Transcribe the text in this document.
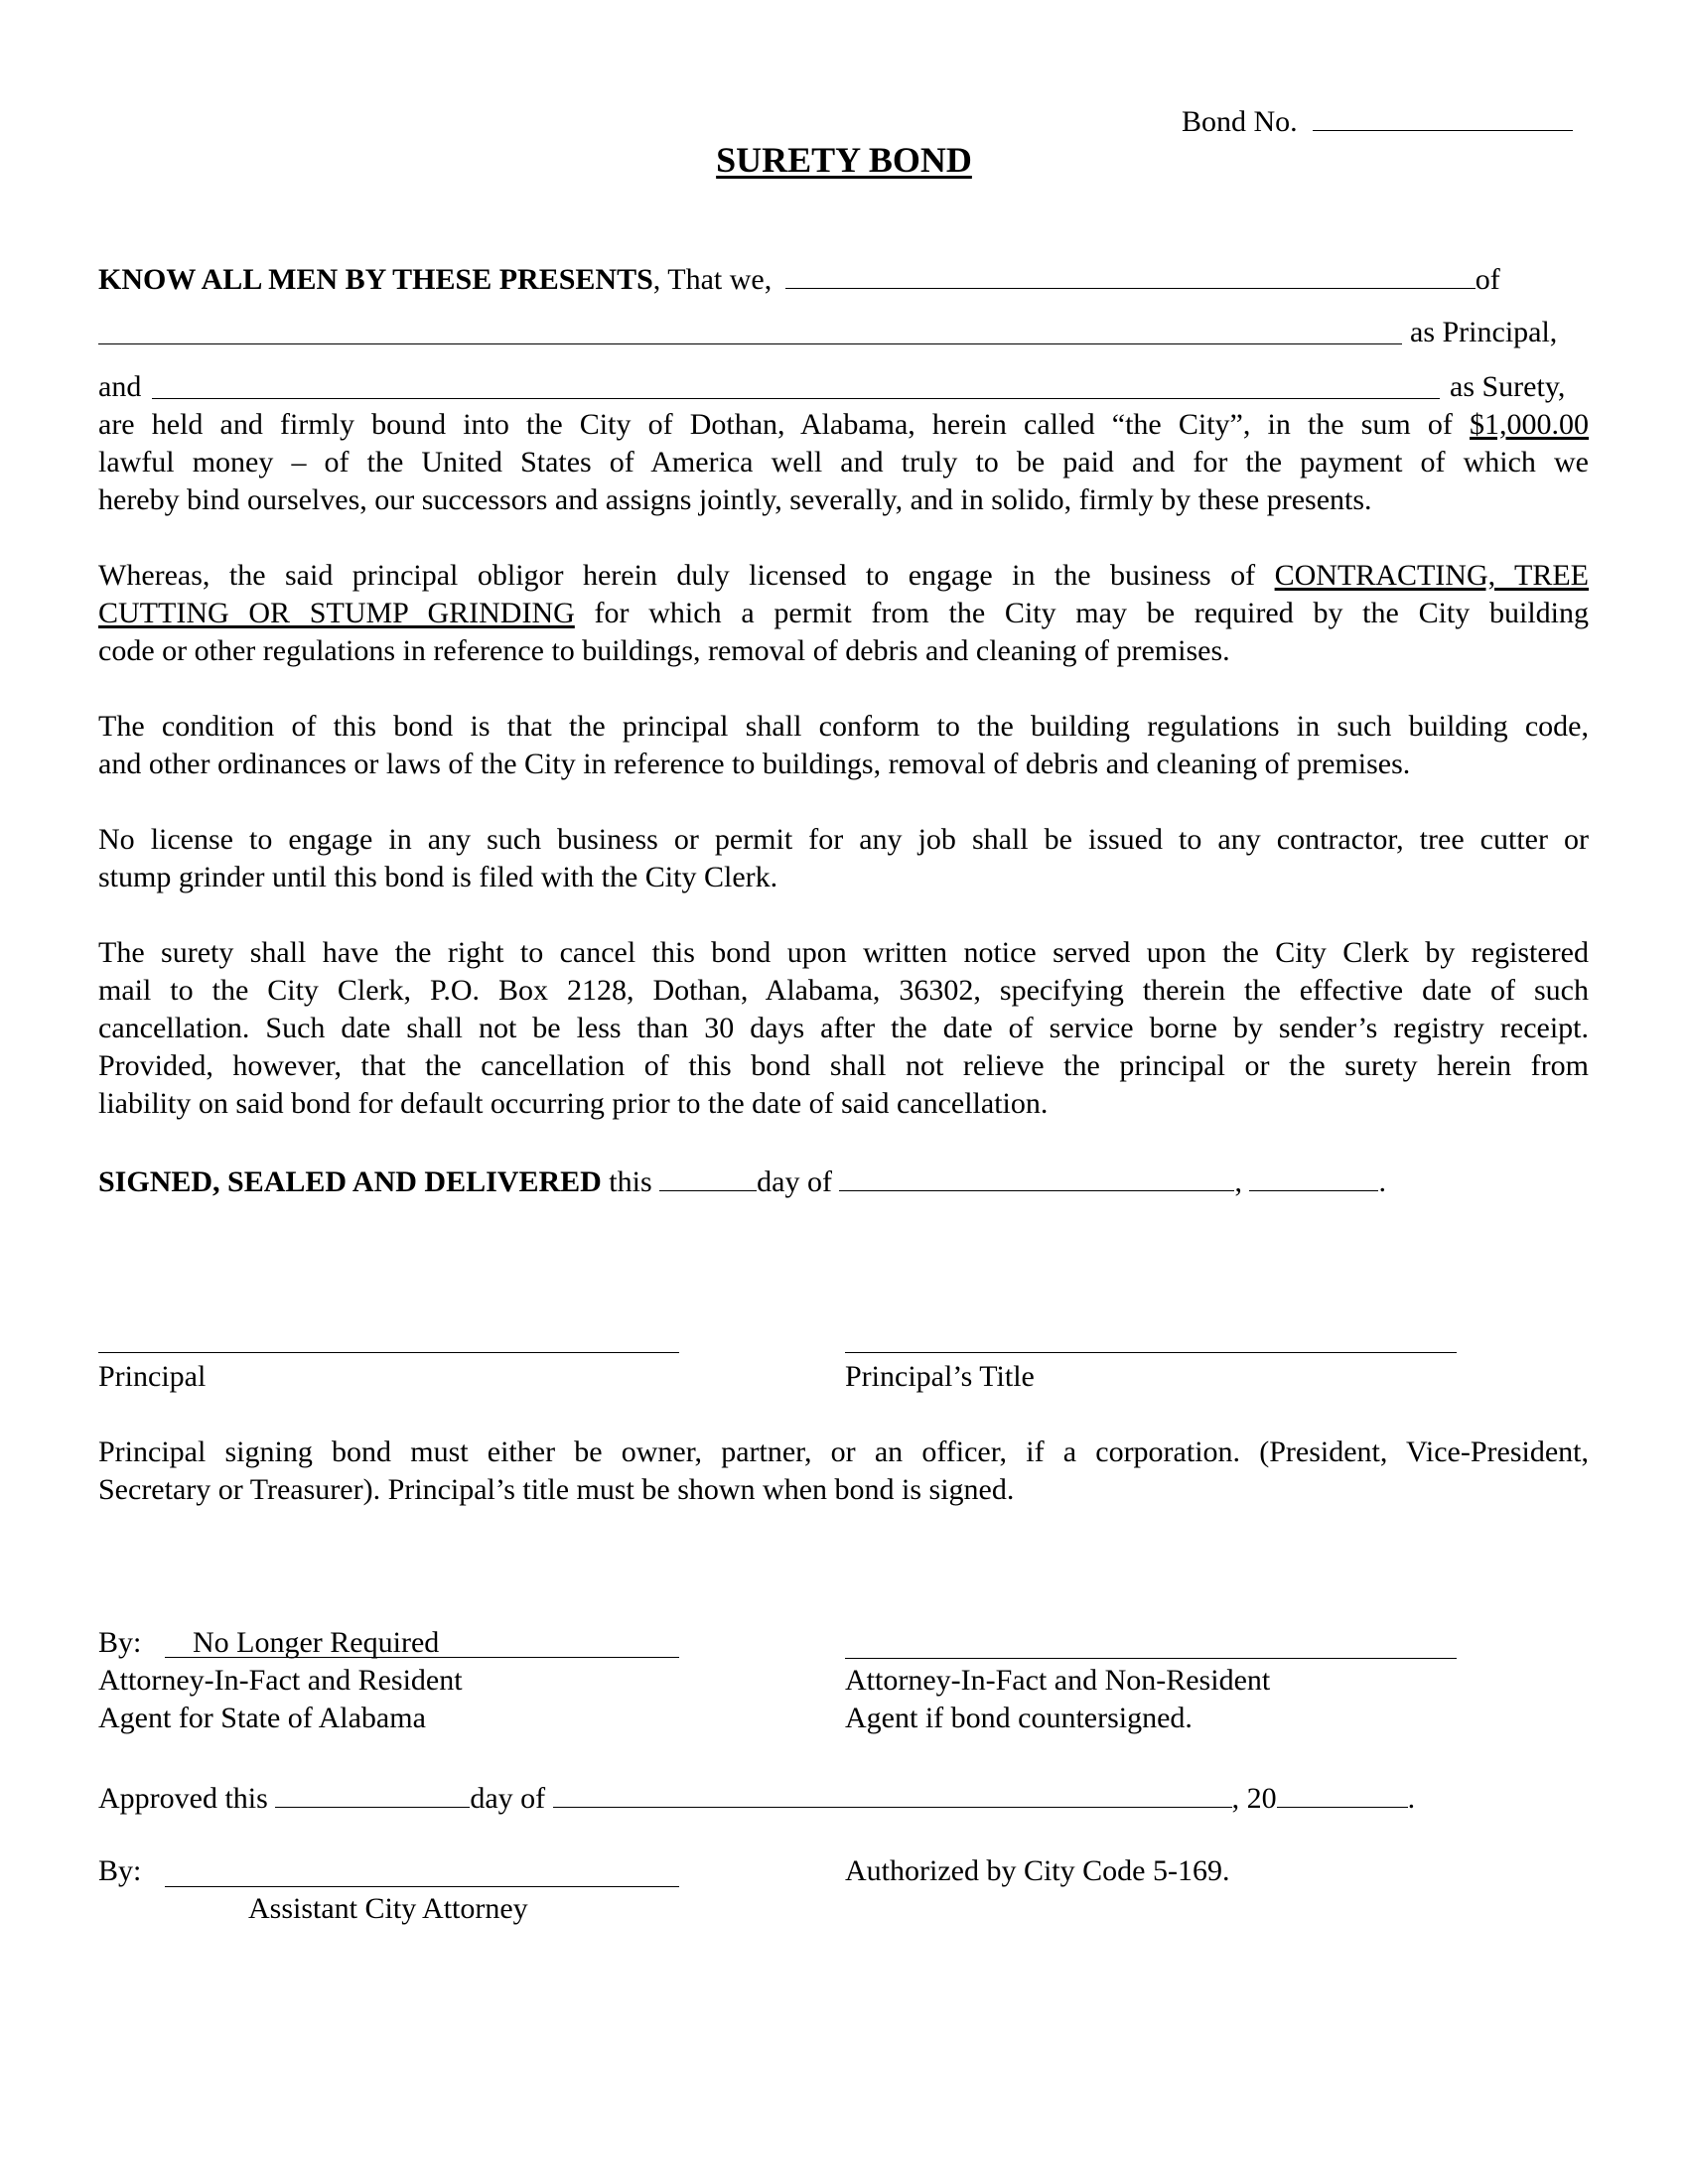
Bond No.
SURETY BOND
KNOW ALL MEN BY THESE PRESENTS, That we,	of
as Principal,
and	as Surety,
are held and firmly bound into the City of Dothan, Alabama, herein called “the City”, in the sum of $1,000.00
lawful money – of the United States of America well and truly to be paid and for the payment of which we
hereby bind ourselves, our successors and assigns jointly, severally, and in solido, firmly by these presents.
Whereas, the said principal obligor herein duly licensed to engage in the business of CONTRACTING, TREE
CUTTING OR STUMP GRINDING for which a permit from the City may be required by the City building
code or other regulations in reference to buildings, removal of debris and cleaning of premises.
The condition of this bond is that the principal shall conform to the building regulations in such building code,
and other ordinances or laws of the City in reference to buildings, removal of debris and cleaning of premises.
No license to engage in any such business or permit for any job shall be issued to any contractor, tree cutter or
stump grinder until this bond is filed with the City Clerk.
The surety shall have the right to cancel this bond upon written notice served upon the City Clerk by registered
mail to the City Clerk, P.O. Box 2128, Dothan, Alabama, 36302, specifying therein the effective date of such
cancellation. Such date shall not be less than 30 days after the date of service borne by sender’s registry receipt.
Provided, however, that the cancellation of this bond shall not relieve the principal or the surety herein from
liability on said bond for default occurring prior to the date of said cancellation.
SIGNED, SEALED AND DELIVERED this	day of	,	.
Principal	Principal’s Title
Principal signing bond must either be owner, partner, or an officer, if a corporation. (President, Vice-President,
Secretary or Treasurer). Principal’s title must be shown when bond is signed.
By:	No Longer Required
Attorney-In-Fact and Resident
Agent for State of Alabama
Attorney-In-Fact and Non-Resident
Agent if bond countersigned.
Approved this	day of	, 20	.
By:
Assistant City Attorney
Authorized by City Code 5-169.
